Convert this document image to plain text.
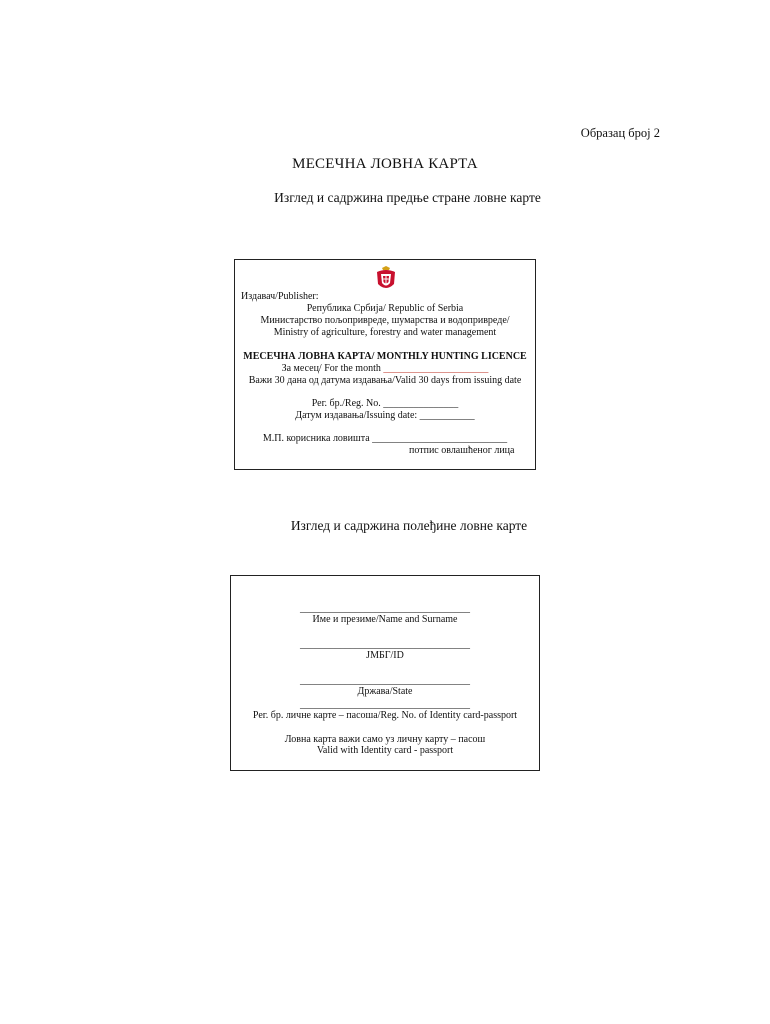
Образац број 2
МЕСЕЧНА ЛОВНА КАРТА
Изглед и садржина предње стране ловне карте
Издавач/Publisher:
Република Србија/ Republic of Serbia
Министарство пољопривреде, шумарства и водопривреде/
Ministry of agriculture, forestry and water management
МЕСЕЧНА ЛОВНА КАРТА/ MONTHLY HUNTING LICENCE
За месец/ For the month _____________________
Важи 30 дана од датума издавања/Valid 30 days from issuing date
Рег. бр./Reg. No. _______________
Датум издавања/Issuing date: ___________
М.П. корисника ловишта ___________________________
потпис овлашћеног лица
Изглед и садржина полеђине ловне карте
__________________________________
Име и презиме/Name and Surname
__________________________________
ЈМБГ/ID
__________________________________
Држава/State
__________________________________
Рег. бр. личне карте – пасоша/Reg. No. of Identity card-passport
Ловна карта важи само уз личну карту – пасош
Valid with Identity card - passport
